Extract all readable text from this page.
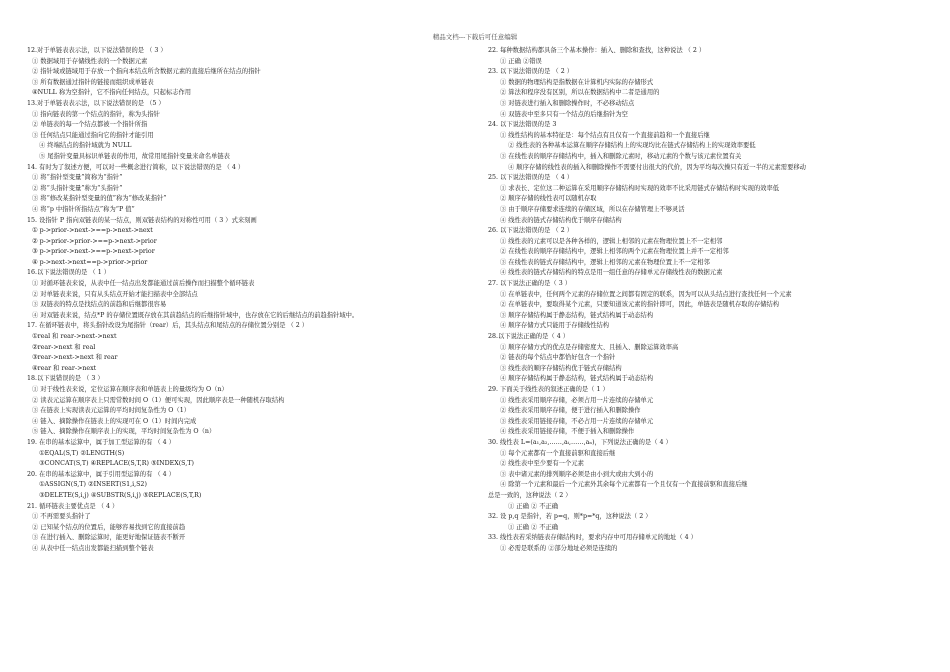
精品文档---下载后可任意编辑
12.对于单链表表示法，以下说法错误的是 （ 3 ）
① 数据域用于存储线性表的一个数据元素
② 指针域或链域用于存放一个指向本结点所含数据元素的直接后继所在结点的指针
③ 所有数据通过指针的链接而组织成单链表
④NULL 称为空指针，它不指向任何结点，只起标志作用
13.对于单链表表示法，以下说法错误的是 （5 ）
① 指向链表的第一个结点的指针，称为头指针
② 单链表的每一个结点都被一个指针所指
③ 任何结点只能通过指向它的指针才能引用
④ 终端结点的指针域就为 NULL
⑤ 尾指针变量具标识单链表的作用，故常用尾指针变量来命名单链表
14. 有时为了叙述方便，可以对一些概念进行简称，以下说法错误的是 （ 4 ）
① 将“指针型变量”简称为“指针”
② 将“头指针变量”称为“头指针”
③ 将“修改某指针型变量的值”称为“修改某指针”
④ 将“p 中指针所指结点”称为“P 值”
15. 设指针 P 指向双链表的某一结点，则双链表结构的对称性可用（ 3 ）式来刻画
① p->prior->next->==p->next->next
② p->prior->prior->==p->next->prior
③ p->prior->next->==p->next->prior
④ p->next->next==p->prior->prior
16.以下说法错误的是 （ 1 ）
① 对循环链表来说，从表中任一结点出发都能通过前后操作而扫描整个循环链表
② 对单链表来说，只有从头结点开始才能扫描表中全部结点
③ 双链表的特点是找结点的前趋和后继都很容易
④ 对双链表来说，结点*P 的存储位置既存放在其前趋结点的后继指针域中，也存放在它的后继结点的前趋指针域中。
17. 在循环链表中，将头指针改设为尾指针（rear）后，其头结点和尾结点的存储位置分别是 （ 2 ）
①real 和 rear->next->next
②rear->next 和 real
③rear->next->next 和 rear
④rear 和 rear->next
18.以下说错误的是 （ 3 ）
① 对于线性表来说，定位运算在顺序表和单链表上的量级均为 O（n）
② 读表元运算在顺序表上只需常数时间 O（1）便可实现，因此顺序表是一种随机存取结构
③ 在链表上实现读表元运算的平均时间复杂性为 O（1）
④ 链入、摘除操作在链表上的实现可在 O（1）时间内完成
⑤ 链入、摘除操作在顺序表上的实现，平均时间复杂性为 O（n）
19. 在串的基本运算中，属于加工型运算的有 （ 4 ）
①EQAL(S,T) ②LENGTH(S)
③CONCAT(S,T) ④REPLACE(S,T,R) ⑤INDEX(S,T)
20. 在串的基本运算中，属于引用型运算的有 （ 4 ）
①ASSIGN(S,T) ②INSERT(S1,i,S2)
③DELETE(S,i,j) ④SUBSTR(S,i,j) ⑤REPLACE(S,T,R)
21. 循环链表主要优点是 （ 4 ）
① 不再需要头指针了
② 已知某个结点的位置后，能够容易找到它的直接前趋
③ 在进行插入、删除运算时，能更好地保证链表不断开
④ 从表中任一结点出发都能扫描到整个链表
22. 每种数据结构都具备三个基本操作：插入、删除和查找，这种说法 （ 2 ）
① 正确 ②错误
23. 以下说法错误的是 （ 2 ）
① 数据的物理结构是指数据在计算机内实际的存储形式
② 算法和程序没有区别，所以在数据结构中二者是通用的
③ 对链表进行插入和删除操作时，不必移动结点
④ 双链表中至多只有一个结点的后继指针为空
24. 以下说法错误的是 3
① 线性结构的基本特征是：每个结点有且仅有一个直接前趋和一个直接后继
② 线性表的各种基本运算在顺序存储结构上的实现均比在链式存储结构上的实现效率要低
③ 在线性表的顺序存储结构中，插入和删除元素时，移动元素的个数与该元素位置有关
④ 顺序存储的线性表的插入和删除操作不需要付出很大的代价，因为平均每次操只有近一半的元素需要移动
25. 以下说法错误的是 （ 4 ）
① 求表长、定位这二种运算在采用顺序存储结构时实现的效率不比采用链式存储结构时实现的效率低
② 顺序存储的线性表可以随机存取
③ 由于顺序存储要求连续的存储区域，所以在存储管理上不够灵活
④ 线性表的链式存储结构优于顺序存储结构
26. 以下说法错误的是 （ 2 ）
① 线性表的元素可以是各种各样的，逻辑上相邻的元素在物理位置上不一定相邻
② 在线性表的顺序存储结构中，逻辑上相邻的两个元素在物理位置上并不一定相邻
③ 在线性表的链式存储结构中，逻辑上相邻的元素在物理位置上不一定相邻
④ 线性表的链式存储结构的特点是用一组任意的存储单元存储线性表的数据元素
27. 以下说法正确的是（ 3 ）
① 在单链表中，任何两个元素的存储位置之间都有固定的联系，因为可以从头结点进行查找任何一个元素
② 在单链表中，要取得某个元素，只要知道该元素的指针即可，因此，单链表是随机存取的存储结构
③ 顺序存储结构属于静态结构，链式结构属于动态结构
④ 顺序存储方式只能用于存储线性结构
28.以下说法正确的是（ 4 ）
① 顺序存储方式的优点是存储密度大、且插入、删除运算效率高
② 链表的每个结点中都恰好包含一个指针
③ 线性表的顺序存储结构优于链式存储结构
④ 顺序存储结构属于静态结构，链式结构属于动态结构
29. 下面关于线性表的叙述正确的是（ 1 ）
① 线性表采用顺序存储，必须占用一片连续的存储单元
② 线性表采用顺序存储，便于进行插入和删除操作
③ 线性表采用链接存储，不必占用一片连续的存储单元
④ 线性表采用链接存储，不便于插入和删除操作
30. 线性表 L=(a₁,a₂,……,aᵢ,……,aₙ)，下列说法正确的是（ 4 ）
① 每个元素都有一个直接前驱和直接后继
② 线性表中至少要有一个元素
③ 表中诸元素的排列顺序必须是由小到大或由大到小的
④ 除第一个元素和最后一个元素外其余每个元素都有一个且仅有一个直接前驱和直接后继
总是一致的，这种说法（ 2 ）
① 正确 ② 不正确
32. 设 p,q 是指针，若 p=q，则*p=*q，这种说法（ 2 ）
① 正确 ② 不正确
33. 线性表若采纳链表存储结构时，要求内存中可用存储单元的地址（ 4 ）
① 必需是联系的 ②部分地址必须是连续的
